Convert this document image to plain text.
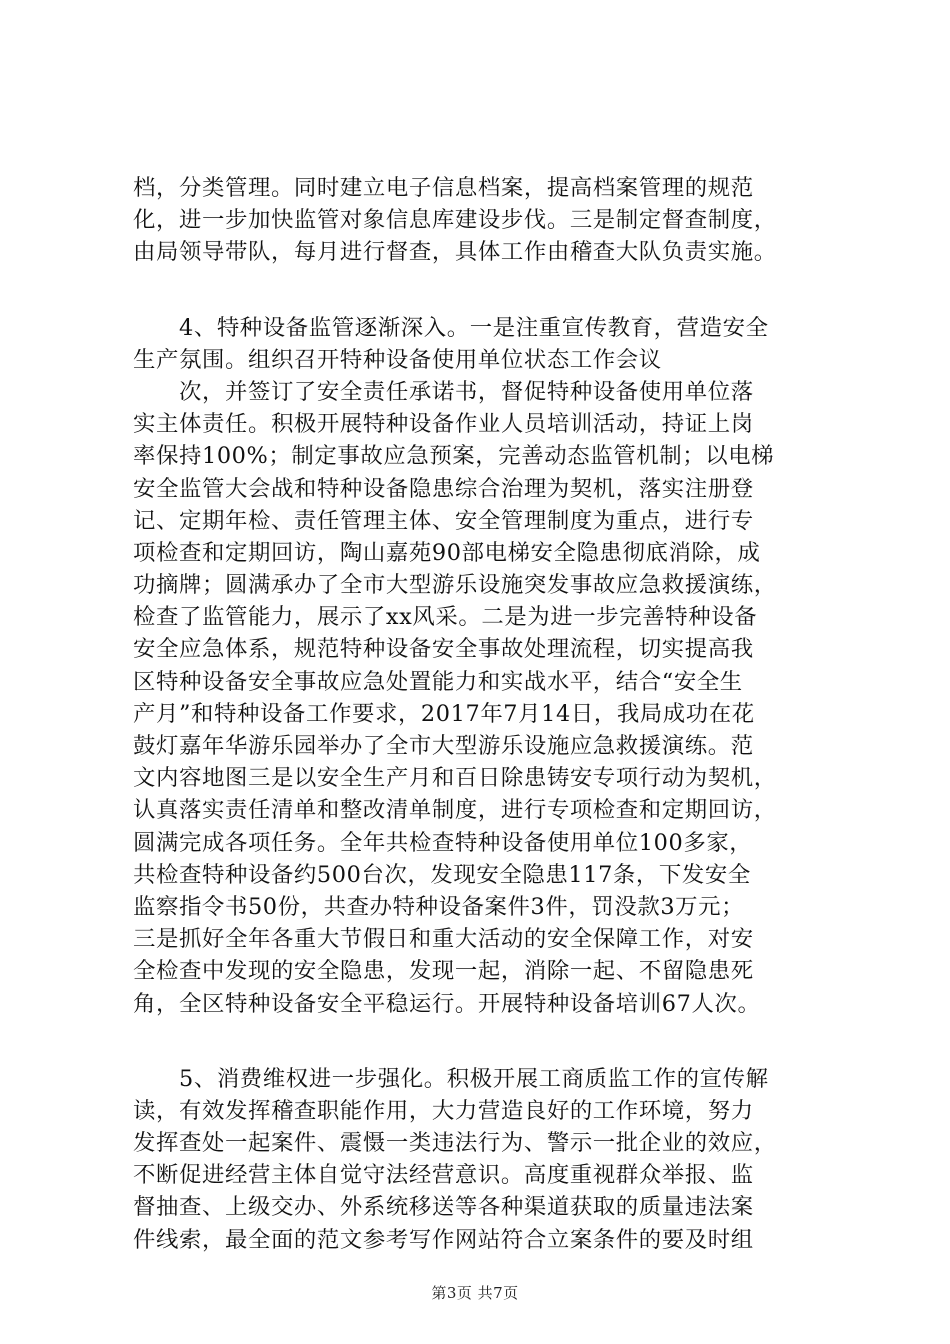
档，分类管理。同时建立电子信息档案，提高档案管理的规范
化，进一步加快监管对象信息库建设步伐。三是制定督查制度，
由局领导带队，每月进行督查，具体工作由稽查大队负责实施。

　　4、特种设备监管逐渐深入。一是注重宣传教育，营造安全
生产氛围。组织召开特种设备使用单位状态工作会议
　　次，并签订了安全责任承诺书，督促特种设备使用单位落
实主体责任。积极开展特种设备作业人员培训活动，持证上岗
率保持100%；制定事故应急预案，完善动态监管机制；以电梯
安全监管大会战和特种设备隐患综合治理为契机，落实注册登
记、定期年检、责任管理主体、安全管理制度为重点，进行专
项检查和定期回访，陶山嘉苑90部电梯安全隐患彻底消除，成
功摘牌；圆满承办了全市大型游乐设施突发事故应急救援演练，
检查了监管能力，展示了xx风采。二是为进一步完善特种设备
安全应急体系，规范特种设备安全事故处理流程，切实提高我
区特种设备安全事故应急处置能力和实战水平，结合“安全生
产月”和特种设备工作要求，2017年7月14日，我局成功在花
鼓灯嘉年华游乐园举办了全市大型游乐设施应急救援演练。范
文内容地图三是以安全生产月和百日除患铸安专项行动为契机，
认真落实责任清单和整改清单制度，进行专项检查和定期回访，
圆满完成各项任务。全年共检查特种设备使用单位100多家，
共检查特种设备约500台次，发现安全隐患117条，下发安全
监察指令书50份，共查办特种设备案件3件，罚没款3万元；
三是抓好全年各重大节假日和重大活动的安全保障工作，对安
全检查中发现的安全隐患，发现一起，消除一起、不留隐患死
角，全区特种设备安全平稳运行。开展特种设备培训67人次。

　　5、消费维权进一步强化。积极开展工商质监工作的宣传解
读，有效发挥稽查职能作用，大力营造良好的工作环境，努力
发挥查处一起案件、震慑一类违法行为、警示一批企业的效应，
不断促进经营主体自觉守法经营意识。高度重视群众举报、监
督抽查、上级交办、外系统移送等各种渠道获取的质量违法案
件线索，最全面的范文参考写作网站符合立案条件的要及时组

第3页 共7页
